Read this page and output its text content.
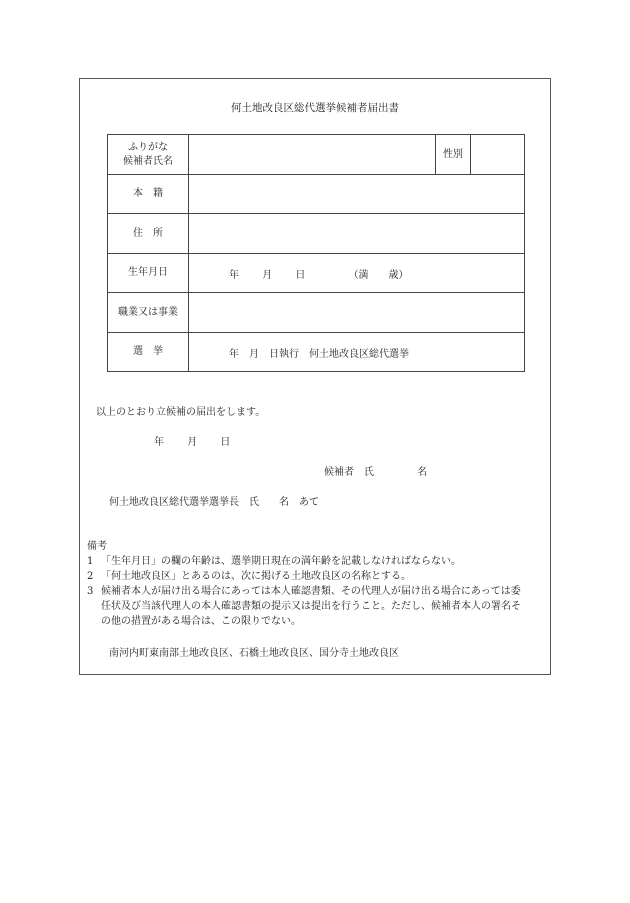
何土地改良区総代選挙候補者届出書
ふりがな
候補者氏名		性別	
本　籍			
住　所			
生年月日	年 月 日 （満　　歳）		
職業又は事業			
選　挙	年　月　日執行　何土地改良区総代選挙		
以上のとおり立候補の届出をします。
年 月 日
候補者　氏	名
何土地改良区総代選挙選挙長　氏　　名　あて
備考
1 「生年月日」の欄の年齢は、選挙期日現在の満年齢を記載しなければならない。
2 「何土地改良区」とあるのは、次に掲げる土地改良区の名称とする。
3 候補者本人が届け出る場合にあっては本人確認書類、その代理人が届け出る場合にあっては委任状及び当該代理人の本人確認書類の提示又は提出を行うこと。ただし、候補者本人の署名その他の措置がある場合は、この限りでない。
南河内町東南部土地改良区、石橋土地改良区、国分寺土地改良区
